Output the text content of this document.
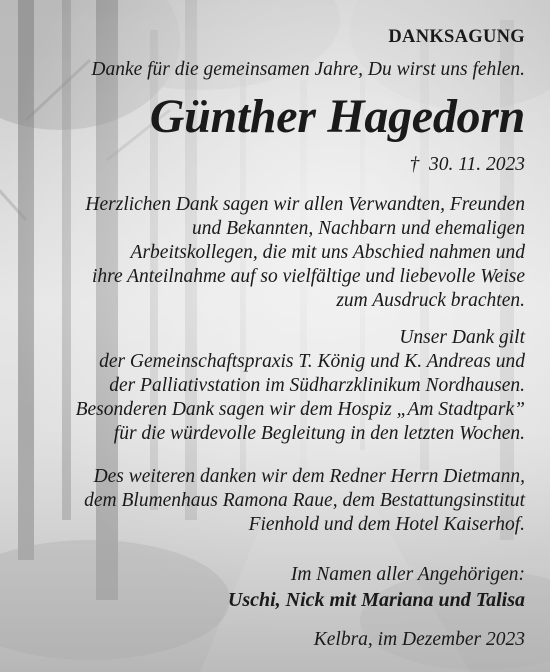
DANKSAGUNG
Danke für die gemeinsamen Jahre, Du wirst uns fehlen.
Günther Hagedorn
† 30. 11. 2023
Herzlichen Dank sagen wir allen Verwandten, Freunden
und Bekannten, Nachbarn und ehemaligen
Arbeitskollegen, die mit uns Abschied nahmen und
ihre Anteilnahme auf so vielfältige und liebevolle Weise
zum Ausdruck brachten.
Unser Dank gilt
der Gemeinschaftspraxis T. König und K. Andreas und
der Palliativstation im Südharzklinikum Nordhausen.
Besonderen Dank sagen wir dem Hospiz „Am Stadtpark”
für die würdevolle Begleitung in den letzten Wochen.
Des weiteren danken wir dem Redner Herrn Dietmann,
dem Blumenhaus Ramona Raue, dem Bestattungsinstitut
Fienhold und dem Hotel Kaiserhof.
Im Namen aller Angehörigen:
Uschi, Nick mit Mariana und Talisa
Kelbra, im Dezember 2023
